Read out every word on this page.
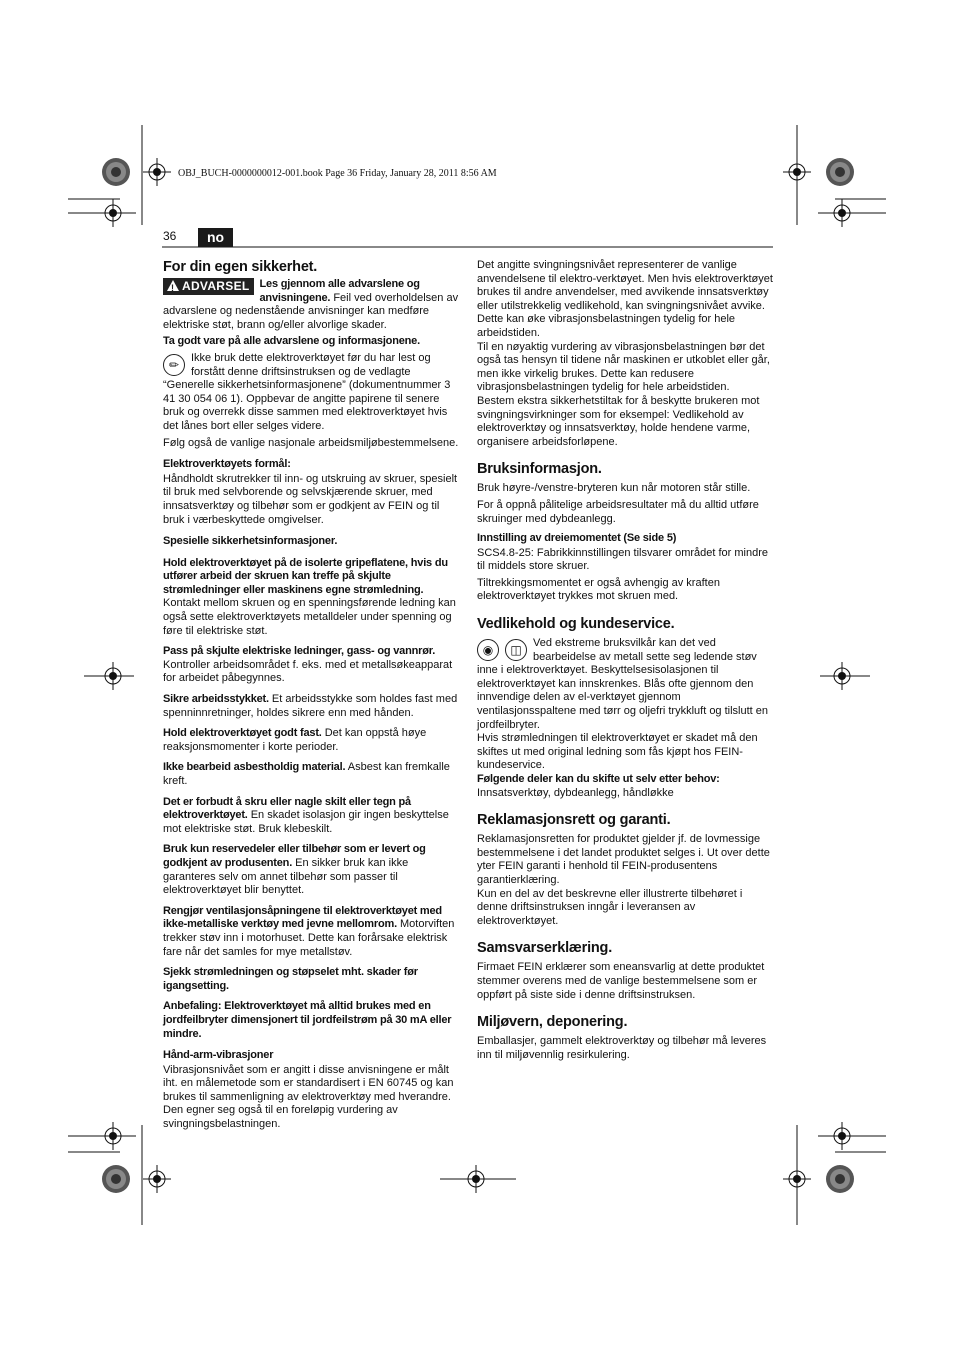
OBJ_BUCH-0000000012-001.book Page 36 Friday, January 28, 2011 8:56 AM
36	no
For din egen sikkerhet.

! ADVARSEL Les gjennom alle advarslene og anvisningene. Feil ved overholdelsen av advarslene og nedenstående anvisninger kan medføre elektriske støt, brann og/eller alvorlige skader.

Ta godt vare på alle advarslene og informasjonene.

✏	Ikke bruk dette elektroverktøyet før du har lest og forstått denne driftsinstruksen og de vedlagte “Generelle sikkerhetsinformasjonene” (dokumentnummer 3 41 30 054 06 1). Oppbevar de angitte papirene til senere bruk og overrekk disse sammen med elektroverktøyet hvis det lånes bort eller selges videre.

Følg også de vanlige nasjonale arbeidsmiljøbestemmelsene.

Elektroverktøyets formål:

Håndholdt skrutrekker til inn- og utskruing av skruer, spesielt til bruk med selvborende og selvskjærende skruer, med innsatsverktøy og tilbehør som er godkjent av FEIN og til bruk i værbeskyttede omgivelser.

Spesielle sikkerhetsinformasjoner.

Hold elektroverktøyet på de isolerte gripeflatene, hvis du utfører arbeid der skruen kan treffe på skjulte strømledninger eller maskinens egne strømledning. Kontakt mellom skruen og en spenningsførende ledning kan også sette elektroverktøyets metalldeler under spenning og føre til elektriske støt.

Pass på skjulte elektriske ledninger, gass- og vannrør. Kontroller arbeidsområdet f. eks. med et metallsøkeapparat for arbeidet påbegynnes.

Sikre arbeidsstykket. Et arbeidsstykke som holdes fast med spenninnretninger, holdes sikrere enn med hånden.

Hold elektroverktøyet godt fast. Det kan oppstå høye reaksjonsmomenter i korte perioder.

Ikke bearbeid asbestholdig material. Asbest kan fremkalle kreft.

Det er forbudt å skru eller nagle skilt eller tegn på elektroverktøyet. En skadet isolasjon gir ingen beskyttelse mot elektriske støt. Bruk klebeskilt.

Bruk kun reservedeler eller tilbehør som er levert og godkjent av produsenten. En sikker bruk kan ikke garanteres selv om annet tilbehør som passer til elektroverktøyet blir benyttet.

Rengjør ventilasjonsåpningene til elektroverktøyet med ikke-metalliske verktøy med jevne mellomrom. Motorviften trekker støv inn i motorhuset. Dette kan forårsake elektrisk fare når det samles for mye metallstøv.

Sjekk strømledningen og støpselet mht. skader før igangsetting.

Anbefaling: Elektroverktøyet må alltid brukes med en jordfeilbryter dimensjonert til jordfeilstrøm på 30 mA eller mindre.

Hånd-arm-vibrasjoner

Vibrasjonsnivået som er angitt i disse anvisningene er målt iht. en målemetode som er standardisert i EN 60745 og kan brukes til sammenligning av elektroverktøy med hverandre. Den egner seg også til en foreløpig vurdering av svingningsbelastningen.

Det angitte svingningsnivået representerer de vanlige anvendelsene til elektro-verktøyet. Men hvis elektroverktøyet brukes til andre anvendelser, med avvikende innsatsverktøy eller utilstrekkelig vedlikehold, kan svingningsnivået avvike. Dette kan øke vibrasjonsbelastningen tydelig for hele arbeidstiden.

Til en nøyaktig vurdering av vibrasjonsbelastningen bør det også tas hensyn til tidene når maskinen er utkoblet eller går, men ikke virkelig brukes. Dette kan redusere vibrasjonsbelastningen tydelig for hele arbeidstiden.

Bestem ekstra sikkerhetstiltak for å beskytte brukeren mot svingningsvirkninger som for eksempel: Vedlikehold av elektroverktøy og innsatsverktøy, holde hendene varme, organisere arbeidsforløpene.

Bruksinformasjon.

Bruk høyre-/venstre-bryteren kun når motoren står stille.

For å oppnå pålitelige arbeidsresultater må du alltid utføre skruinger med dybdeanlegg.

Innstilling av dreiemomentet (Se side 5)

SCS4.8-25: Fabrikkinnstillingen tilsvarer området for mindre til middels store skruer.

Tiltrekkingsmomentet er også avhengig av kraften elektroverktøyet trykkes mot skruen med.

Vedlikehold og kundeservice.

◉	◫	Ved ekstreme bruksvilkår kan det ved bearbeidelse av metall sette seg ledende støv inne i elektroverktøyet. Beskyttelsesisolasjonen til elektroverktøyet kan innskrenkes. Blås ofte gjennom den innvendige delen av el-verktøyet gjennom ventilasjonsspaltene med tørr og oljefri trykkluft og tilslutt en jordfeilbryter.

Hvis strømledningen til elektroverktøyet er skadet må den skiftes ut med original ledning som fås kjøpt hos FEIN-kundeservice.

Følgende deler kan du skifte ut selv etter behov: Innsatsverktøy, dybdeanlegg, håndløkke

Reklamasjonsrett og garanti.

Reklamasjonsretten for produktet gjelder jf. de lovmessige bestemmelsene i det landet produktet selges i. Ut over dette yter FEIN garanti i henhold til FEIN-produsentens garantierklæring.

Kun en del av det beskrevne eller illustrerte tilbehøret i denne driftsinstruksen inngår i leveransen av elektroverktøyet.

Samsvarserklæring.

Firmaet FEIN erklærer som eneansvarlig at dette produktet stemmer overens med de vanlige bestemmelsene som er oppført på siste side i denne driftsinstruksen.

Miljøvern, deponering.

Emballasjer, gammelt elektroverktøy og tilbehør må leveres inn til miljøvennlig resirkulering.
